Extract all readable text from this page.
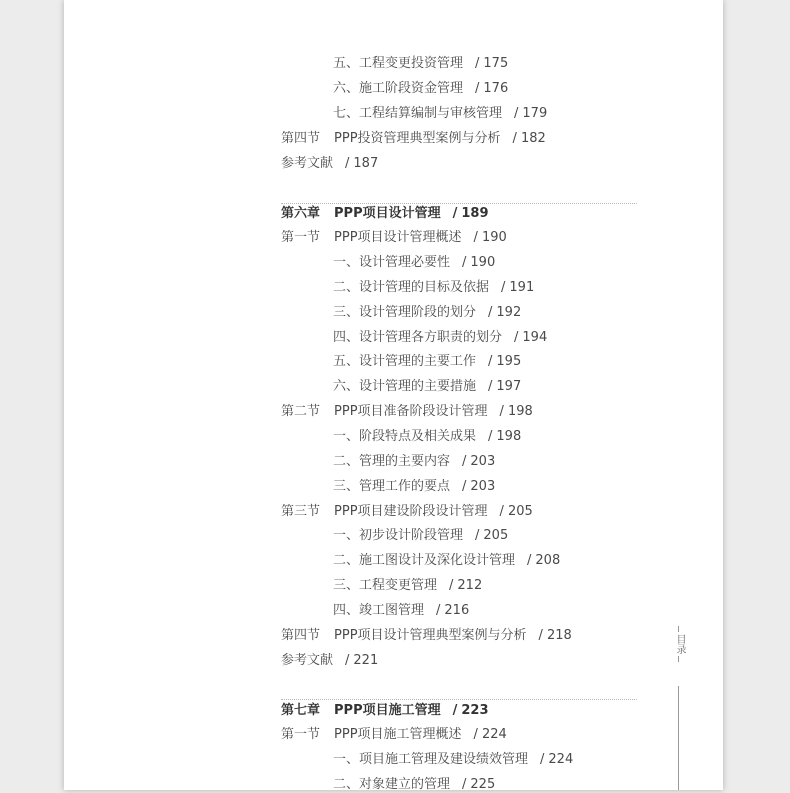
五、工程变更投资管理 / 175
六、施工阶段资金管理 / 176
七、工程结算编制与审核管理 / 179
第四节 PPP投资管理典型案例与分析 / 182
参考文献 / 187
第六章 PPP项目设计管理 / 189
第一节 PPP项目设计管理概述 / 190
一、设计管理必要性 / 190
二、设计管理的目标及依据 / 191
三、设计管理阶段的划分 / 192
四、设计管理各方职责的划分 / 194
五、设计管理的主要工作 / 195
六、设计管理的主要措施 / 197
第二节 PPP项目准备阶段设计管理 / 198
一、阶段特点及相关成果 / 198
二、管理的主要内容 / 203
三、管理工作的要点 / 203
第三节 PPP项目建设阶段设计管理 / 205
一、初步设计阶段管理 / 205
二、施工图设计及深化设计管理 / 208
三、工程变更管理 / 212
四、竣工图管理 / 216
第四节 PPP项目设计管理典型案例与分析 / 218
参考文献 / 221
第七章 PPP项目施工管理 / 223
第一节 PPP项目施工管理概述 / 224
一、项目施工管理及建设绩效管理 / 224
二、对象建立的管理 / 225
目录
